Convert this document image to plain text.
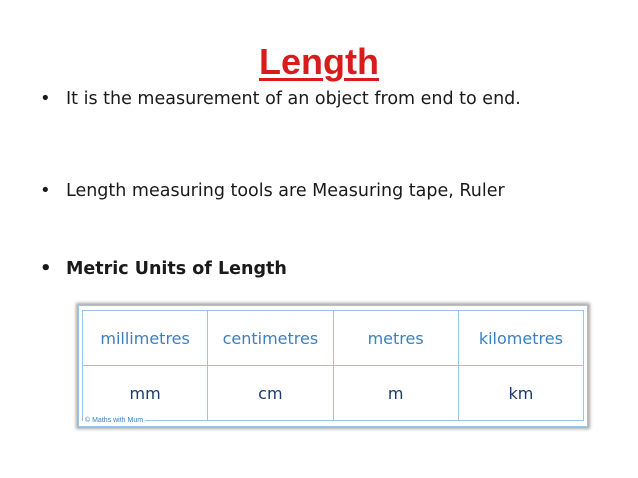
Length
• It is the measurement of an object from end to end.
• Length measuring tools are Measuring tape, Ruler
• Metric Units of Length
millimetres	centimetres	metres	kilometres
mm	cm	m	km
© Maths with Mum
